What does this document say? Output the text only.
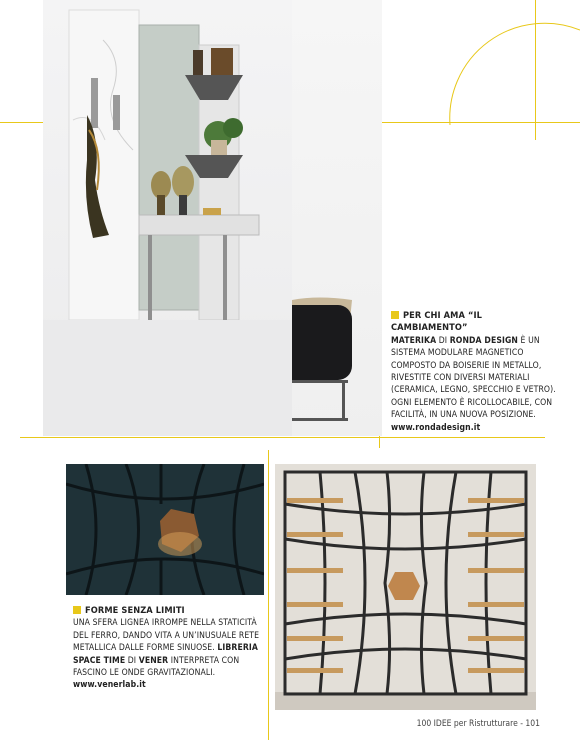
PER CHI AMA “IL CAMBIAMENTO”
MATERIKA DI RONDA DESIGN È UN SISTEMA MODULARE MAGNETICO COMPOSTO DA BOISERIE IN METALLO, RIVESTITE CON DIVERSI MATERIALI (CERAMICA, LEGNO, SPECCHIO E VETRO). OGNI ELEMENTO È RICOLLOCABILE, CON FACILITÀ, IN UNA NUOVA POSIZIONE.
www.rondadesign.it
FORME SENZA LIMITI
UNA SFERA LIGNEA IRROMPE NELLA STATICITÀ DEL FERRO, DANDO VITA A UN’INUSUALE RETE METALLICA DALLE FORME SINUOSE. LIBRERIA SPACE TIME DI VENER INTERPRETA CON FASCINO LE ONDE GRAVITAZIONALI.
www.venerlab.it
100 IDEE per Ristrutturare - 101
